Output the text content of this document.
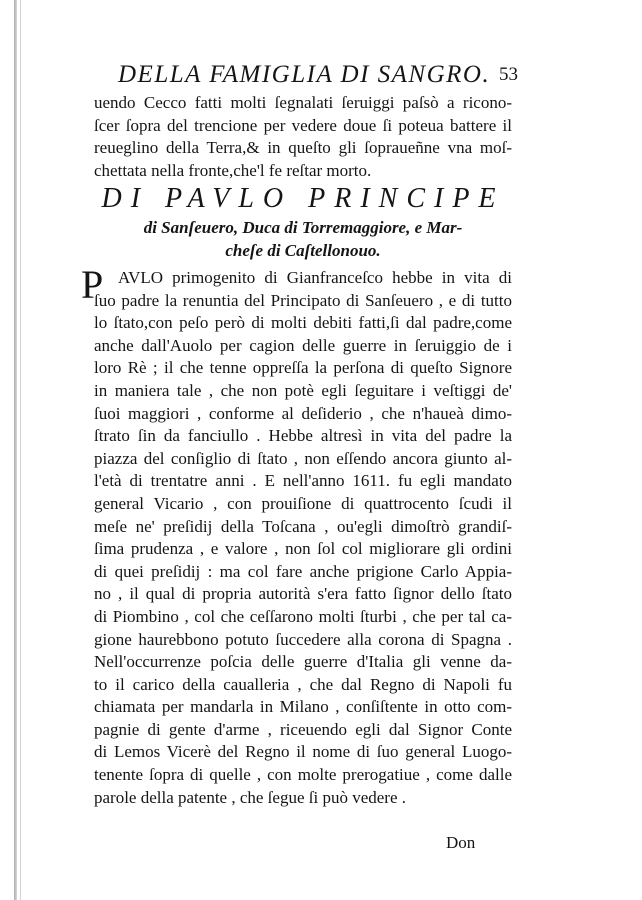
DELLA FAMIGLIA DI SANGRO. 53
uendo Cecco fatti molti ſegnalati ſeruiggi paſsò a ricono-
ſcer ſopra del trencione per vedere doue ſi poteua battere il
reueglino della Terra,& in queſto gli ſopraueñne vna moſ-
chettata nella fronte,che'l fe reſtar morto.
DI PAVLO PRINCIPE
di Sanſeuero, Duca di Torremaggiore, e Mar-
cheſe di Caſtellonouo.
P AVLO primogenito di Gianfranceſco hebbe in vita di
ſuo padre la renuntia del Principato di Sanſeuero , e di tutto
lo ſtato,con peſo però di molti debiti fatti,ſi dal padre,come
anche dall'Auolo per cagion delle guerre in ſeruiggio de i
loro Rè ; il che tenne oppreſſa la perſona di queſto Signore
in maniera tale , che non potè egli ſeguitare i veſtiggi de'
ſuoi maggiori , conforme al deſiderio , che n'haueà dimo-
ſtrato ſin da fanciullo . Hebbe altresì in vita del padre la
piazza del conſiglio di ſtato , non eſſendo ancora giunto al-
l'età di trentatre anni . E nell'anno 1611. fu egli mandato
general Vicario , con prouiſione di quattrocento ſcudi il
meſe ne' preſidij della Toſcana , ou'egli dimoſtrò grandiſ-
ſima prudenza , e valore , non ſol col migliorare gli ordini
di quei preſidij : ma col fare anche prigione Carlo Appia-
no , il qual di propria autorità s'era fatto ſignor dello ſtato
di Piombino , col che ceſſarono molti ſturbi , che per tal ca-
gione haurebbono potuto ſuccedere alla corona di Spagna .
Nell'occurrenze poſcia delle guerre d'Italia gli venne da-
to il carico della caualleria , che dal Regno di Napoli fu
chiamata per mandarla in Milano , conſiſtente in otto com-
pagnie di gente d'arme , riceuendo egli dal Signor Conte
di Lemos Vicerè del Regno il nome di ſuo general Luogo-
tenente ſopra di quelle , con molte prerogatiue , come dalle
parole della patente , che ſegue ſi può vedere .
Don
